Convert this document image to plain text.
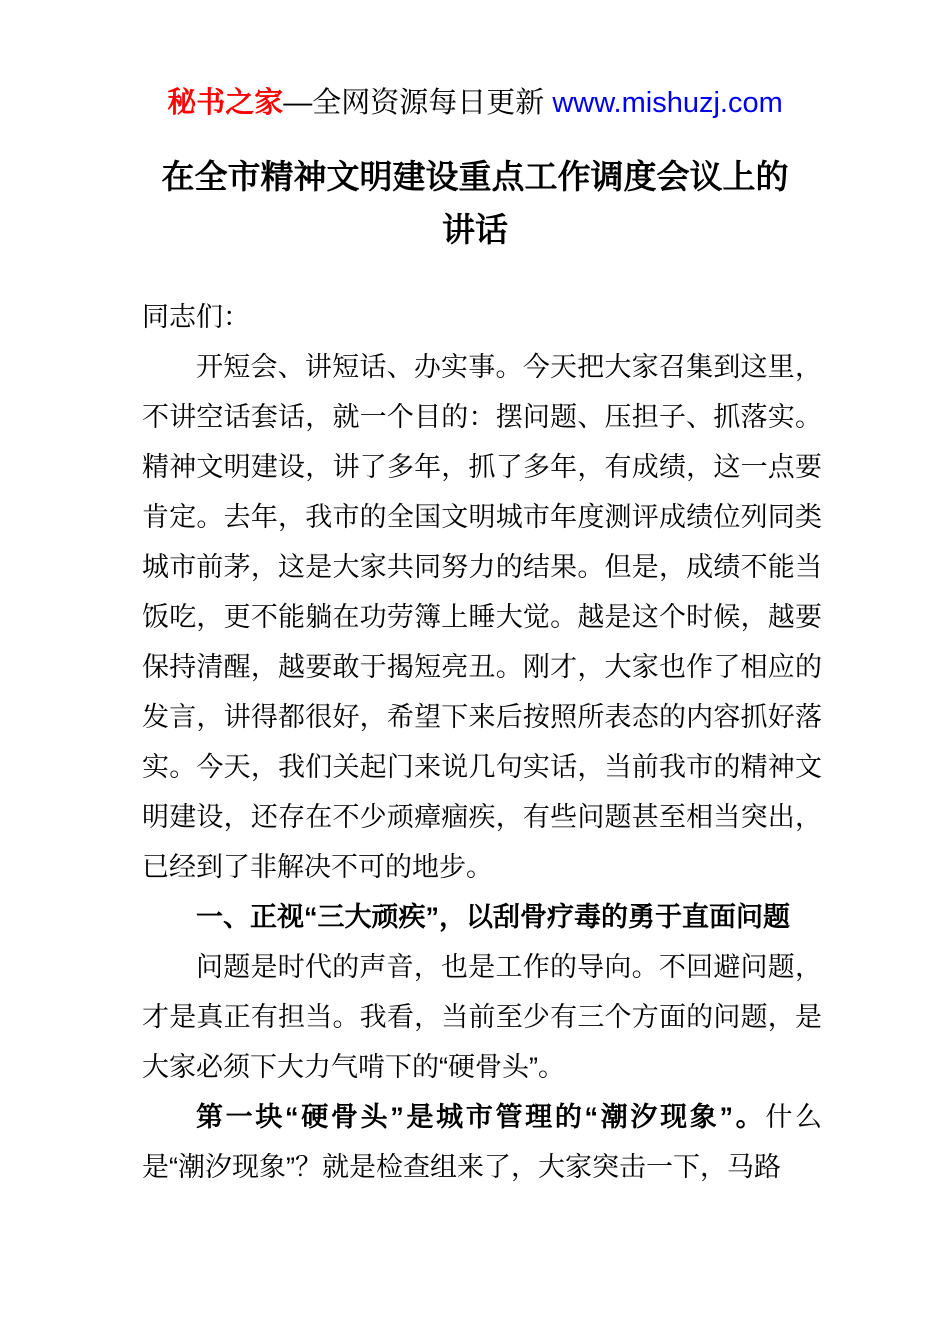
秘书之家—全网资源每日更新 www.mishuzj.com
在全市精神文明建设重点工作调度会议上的
讲话

同志们：

开短会、讲短话、办实事。今天把大家召集到这里，不讲空话套话，就一个目的：摆问题、压担子、抓落实。精神文明建设，讲了多年，抓了多年，有成绩，这一点要肯定。去年，我市的全国文明城市年度测评成绩位列同类城市前茅，这是大家共同努力的结果。但是，成绩不能当饭吃，更不能躺在功劳簿上睡大觉。越是这个时候，越要保持清醒，越要敢于揭短亮丑。刚才，大家也作了相应的发言，讲得都很好，希望下来后按照所表态的内容抓好落实。今天，我们关起门来说几句实话，当前我市的精神文明建设，还存在不少顽瘴痼疾，有些问题甚至相当突出，已经到了非解决不可的地步。

一、正视“三大顽疾”，以刮骨疗毒的勇于直面问题

问题是时代的声音，也是工作的导向。不回避问题，才是真正有担当。我看，当前至少有三个方面的问题，是大家必须下大力气啃下的“硬骨头”。

第一块“硬骨头”是城市管理的“潮汐现象”。什么是“潮汐现象”？就是检查组来了，大家突击一下，马路
